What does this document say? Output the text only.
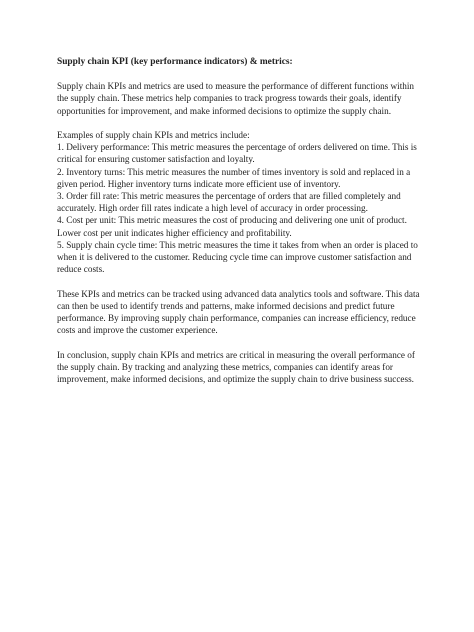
Supply chain KPI (key performance indicators) & metrics:

Supply chain KPIs and metrics are used to measure the performance of different functions within the supply chain. These metrics help companies to track progress towards their goals, identify opportunities for improvement, and make informed decisions to optimize the supply chain.

Examples of supply chain KPIs and metrics include:

1. Delivery performance: This metric measures the percentage of orders delivered on time. This is critical for ensuring customer satisfaction and loyalty.
2. Inventory turns: This metric measures the number of times inventory is sold and replaced in a given period. Higher inventory turns indicate more efficient use of inventory.
3. Order fill rate: This metric measures the percentage of orders that are filled completely and accurately. High order fill rates indicate a high level of accuracy in order processing.
4. Cost per unit: This metric measures the cost of producing and delivering one unit of product. Lower cost per unit indicates higher efficiency and profitability.
5. Supply chain cycle time: This metric measures the time it takes from when an order is placed to when it is delivered to the customer. Reducing cycle time can improve customer satisfaction and reduce costs.

These KPIs and metrics can be tracked using advanced data analytics tools and software. This data can then be used to identify trends and patterns, make informed decisions and predict future performance. By improving supply chain performance, companies can increase efficiency, reduce costs and improve the customer experience.

In conclusion, supply chain KPIs and metrics are critical in measuring the overall performance of the supply chain. By tracking and analyzing these metrics, companies can identify areas for improvement, make informed decisions, and optimize the supply chain to drive business success.
